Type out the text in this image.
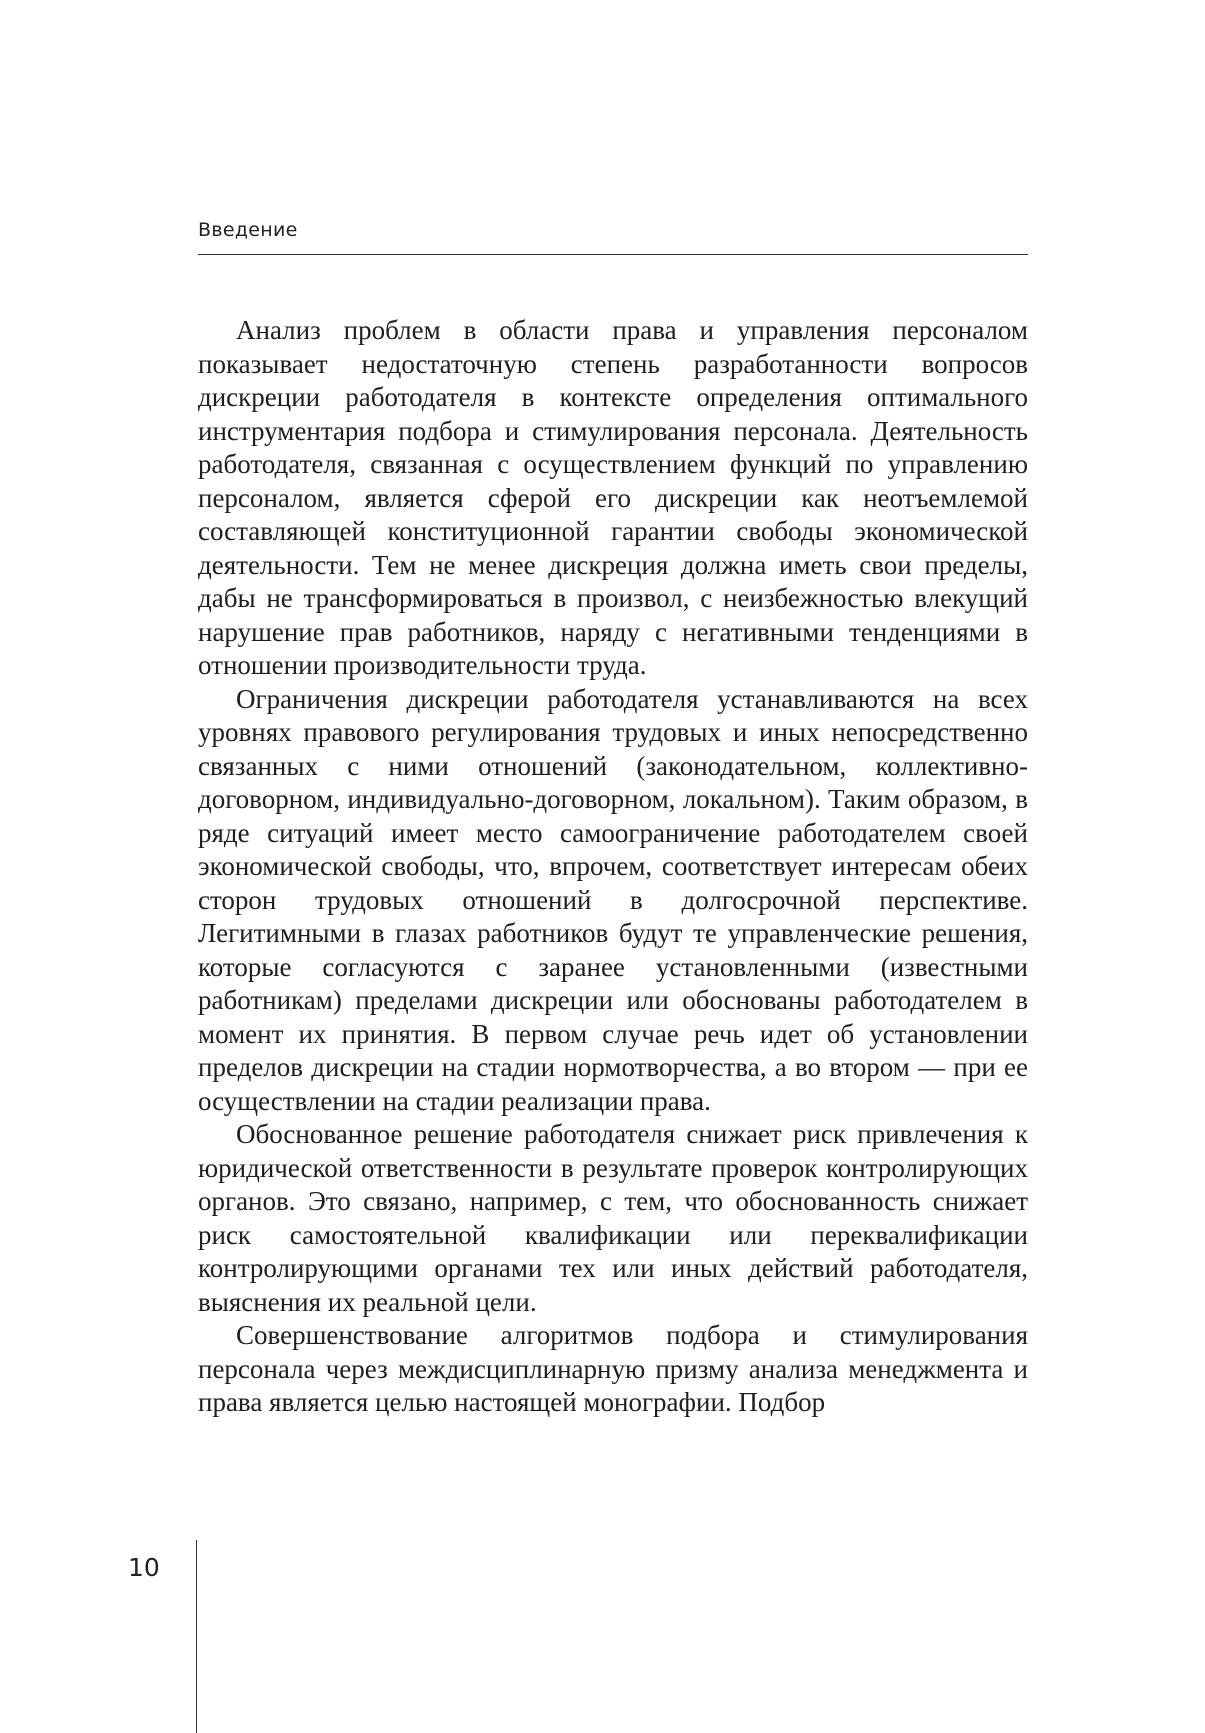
Введение

Анализ проблем в области права и управления персоналом показывает недостаточную степень разработанности вопросов дискреции работодателя в контексте определения оптимального инструментария подбора и стимулирования персонала. Деятельность работодателя, связанная с осуществлением функций по управлению персоналом, является сферой его дискреции как неотъемлемой составляющей конституционной гарантии свободы экономической деятельности. Тем не менее дискреция должна иметь свои пределы, дабы не трансформироваться в произвол, с неизбежностью влекущий нарушение прав работников, наряду с негативными тенденциями в отношении производительности труда.

Ограничения дискреции работодателя устанавливаются на всех уровнях правового регулирования трудовых и иных непосредственно связанных с ними отношений (законодательном, коллективно-договорном, индивидуально-договорном, локальном). Таким образом, в ряде ситуаций имеет место самоограничение работодателем своей экономической свободы, что, впрочем, соответствует интересам обеих сторон трудовых отношений в долгосрочной перспективе. Легитимными в глазах работников будут те управленческие решения, которые согласуются с заранее установленными (известными работникам) пределами дискреции или обоснованы работодателем в момент их принятия. В первом случае речь идет об установлении пределов дискреции на стадии нормотворчества, а во втором — при ее осуществлении на стадии реализации права.

Обоснованное решение работодателя снижает риск привлечения к юридической ответственности в результате проверок контролирующих органов. Это связано, например, с тем, что обоснованность снижает риск самостоятельной квалификации или переквалификации контролирующими органами тех или иных действий работодателя, выяснения их реальной цели.

Совершенствование алгоритмов подбора и стимулирования персонала через междисциплинарную призму анализа менеджмента и права является целью настоящей монографии. Подбор

10
